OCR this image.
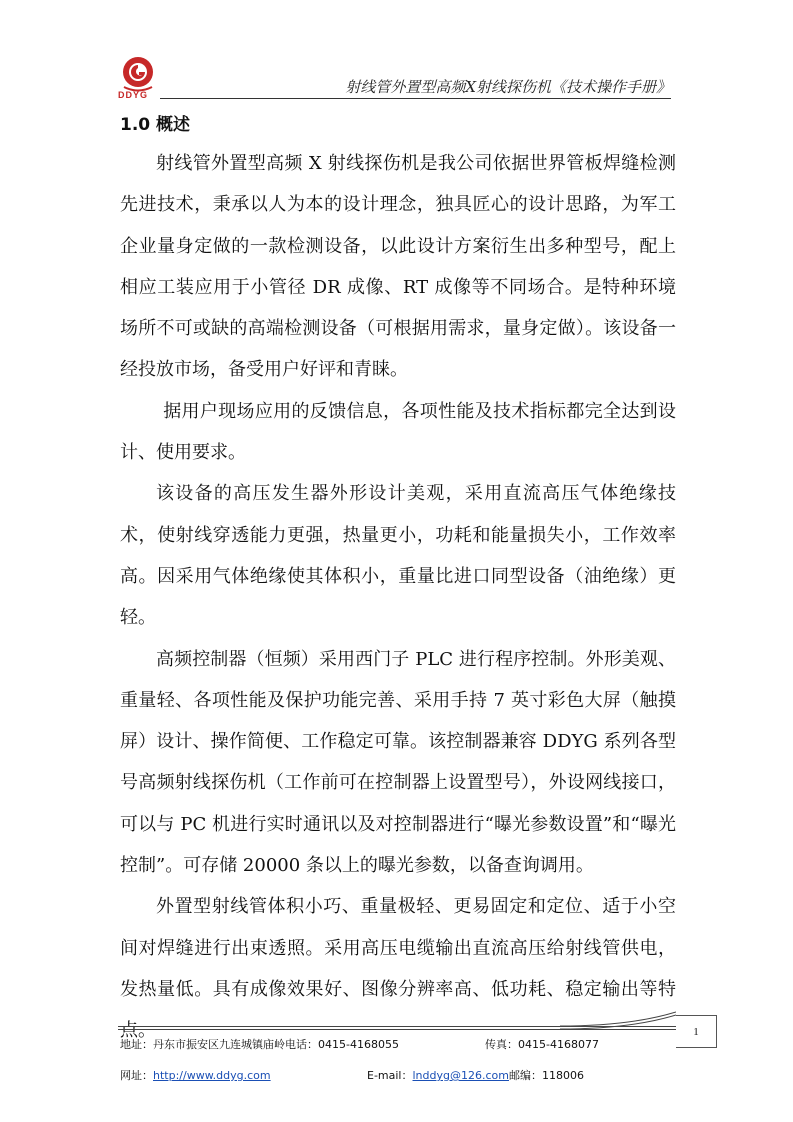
DDYG	射线管外置型高频X射线探伤机《技术操作手册》
1.0 概述

射线管外置型高频 X 射线探伤机是我公司依据世界管板焊缝检测先进技术，秉承以人为本的设计理念，独具匠心的设计思路，为军工企业量身定做的一款检测设备，以此设计方案衍生出多种型号，配上相应工装应用于小管径 DR 成像、RT 成像等不同场合。是特种环境场所不可或缺的高端检测设备（可根据用需求，量身定做）。该设备一经投放市场，备受用户好评和青睐。

据用户现场应用的反馈信息，各项性能及技术指标都完全达到设计、使用要求。

该设备的高压发生器外形设计美观，采用直流高压气体绝缘技术，使射线穿透能力更强，热量更小，功耗和能量损失小，工作效率高。因采用气体绝缘使其体积小，重量比进口同型设备（油绝缘）更轻。

高频控制器（恒频）采用西门子 PLC 进行程序控制。外形美观、重量轻、各项性能及保护功能完善、采用手持 7 英寸彩色大屏（触摸屏）设计、操作简便、工作稳定可靠。该控制器兼容 DDYG 系列各型号高频射线探伤机（工作前可在控制器上设置型号），外设网线接口，可以与 PC 机进行实时通讯以及对控制器进行“曝光参数设置”和“曝光控制”。可存储 20000 条以上的曝光参数，以备查询调用。

外置型射线管体积小巧、重量极轻、更易固定和定位、适于小空间对焊缝进行出束透照。采用高压电缆输出直流高压给射线管供电，发热量低。具有成像效果好、图像分辨率高、低功耗、稳定输出等特点。	1
地址：丹东市振安区九连城镇庙岭电话：0415-4168055	传真：0415-4168077
网址：http://www.ddyg.com	E-mail：lnddyg@126.com邮编：118006
